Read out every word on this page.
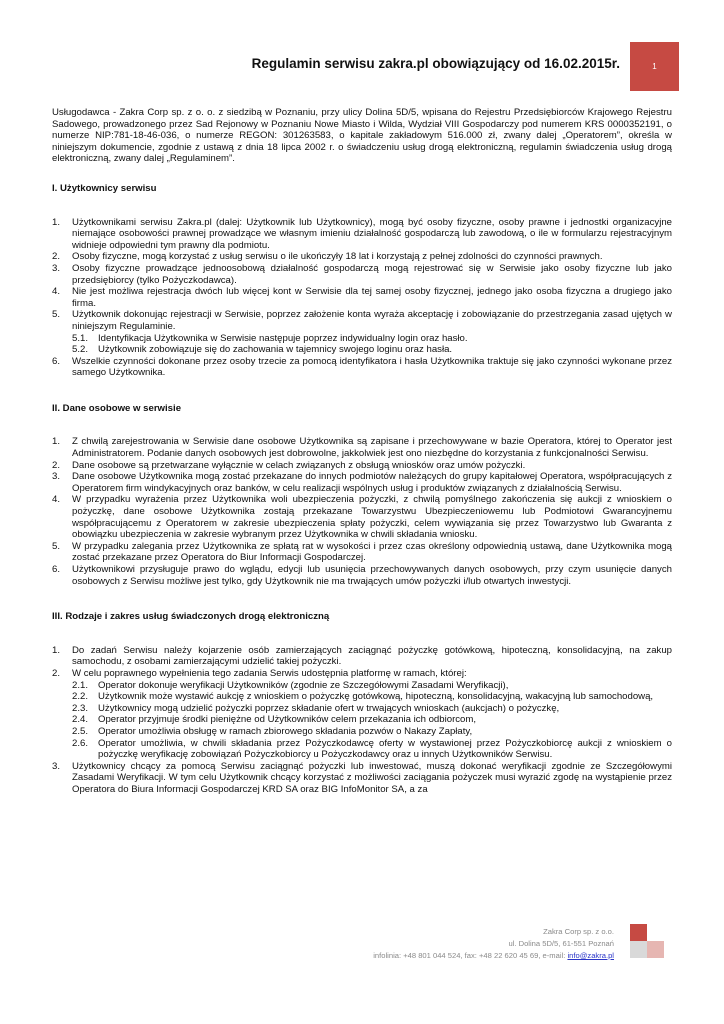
Regulamin serwisu zakra.pl obowiązujący od 16.02.2015r.	1

Usługodawca - Zakra Corp sp. z o. o. z siedzibą w Poznaniu, przy ulicy Dolina 5D/5, wpisana do Rejestru Przedsiębiorców Krajowego Rejestru Sadowego, prowadzonego przez Sad Rejonowy w Poznaniu Nowe Miasto i Wilda, Wydział VIII Gospodarczy pod numerem KRS 0000352191, o numerze NIP:781-18-46-036, o numerze REGON: 301263583, o kapitale zakładowym 516.000 zł, zwany dalej „Operatorem”, określa w niniejszym dokumencie, zgodnie z ustawą z dnia 18 lipca 2002 r. o świadczeniu usług drogą elektroniczną, regulamin świadczenia usług drogą elektroniczną, zwany dalej „Regulaminem”.

I. Użytkownicy serwisu
1. Użytkownikami serwisu Zakra.pl (dalej: Użytkownik lub Użytkownicy), mogą być osoby fizyczne, osoby prawne i jednostki organizacyjne niemające osobowości prawnej prowadzące we własnym imieniu działalność gospodarczą lub zawodową, o ile w formularzu rejestracyjnym widnieje odpowiedni tym prawny dla podmiotu.
2. Osoby fizyczne, mogą korzystać z usług serwisu o ile ukończyły 18 lat i korzystają z pełnej zdolności do czynności prawnych.
3. Osoby fizyczne prowadzące jednoosobową działalność gospodarczą mogą rejestrować się w Serwisie jako osoby fizyczne lub jako przedsiębiorcy (tylko Pożyczkodawca).
4. Nie jest możliwa rejestracja dwóch lub więcej kont w Serwisie dla tej samej osoby fizycznej, jednego jako osoba fizyczna a drugiego jako firma.
5. Użytkownik dokonując rejestracji w Serwisie, poprzez założenie konta wyraża akceptację i zobowiązanie do przestrzegania zasad ujętych w niniejszym Regulaminie.
5.1. Identyfikacja Użytkownika w Serwisie następuje poprzez indywidualny login oraz hasło.
5.2. Użytkownik zobowiązuje się do zachowania w tajemnicy swojego loginu oraz hasła.
6. Wszelkie czynności dokonane przez osoby trzecie za pomocą identyfikatora i hasła Użytkownika traktuje się jako czynności wykonane przez samego Użytkownika.
II. Dane osobowe w serwisie
1. Z chwilą zarejestrowania w Serwisie dane osobowe Użytkownika są zapisane i przechowywane w bazie Operatora, której to Operator jest Administratorem. Podanie danych osobowych jest dobrowolne, jakkolwiek jest ono niezbędne do korzystania z funkcjonalności Serwisu.
2. Dane osobowe są przetwarzane wyłącznie w celach związanych z obsługą wniosków oraz umów pożyczki.
3. Dane osobowe Użytkownika mogą zostać przekazane do innych podmiotów należących do grupy kapitałowej Operatora, współpracujących z Operatorem firm windykacyjnych oraz banków, w celu realizacji wspólnych usług i produktów związanych z działalnością Serwisu.
4. W przypadku wyrażenia przez Użytkownika woli ubezpieczenia pożyczki, z chwilą pomyślnego zakończenia się aukcji z wnioskiem o pożyczkę, dane osobowe Użytkownika zostają przekazane Towarzystwu Ubezpieczeniowemu lub Podmiotowi Gwarancyjnemu współpracującemu z Operatorem w zakresie ubezpieczenia spłaty pożyczki, celem wywiązania się przez Towarzystwo lub Gwaranta z obowiązku ubezpieczenia w zakresie wybranym przez Użytkownika w chwili składania wniosku.
5. W przypadku zalegania przez Użytkownika ze spłatą rat w wysokości i przez czas określony odpowiednią ustawą, dane Użytkownika mogą zostać przekazane przez Operatora do Biur Informacji Gospodarczej.
6. Użytkownikowi przysługuje prawo do wglądu, edycji lub usunięcia przechowywanych danych osobowych, przy czym usunięcie danych osobowych z Serwisu możliwe jest tylko, gdy Użytkownik nie ma trwających umów pożyczki i/lub otwartych inwestycji.
III. Rodzaje i zakres usług świadczonych drogą elektroniczną
1. Do zadań Serwisu należy kojarzenie osób zamierzających zaciągnąć pożyczkę gotówkową, hipoteczną, konsolidacyjną, na zakup samochodu, z osobami zamierzającymi udzielić takiej pożyczki.
2. W celu poprawnego wypełnienia tego zadania Serwis udostępnia platformę w ramach, której:
2.1. Operator dokonuje weryfikacji Użytkowników (zgodnie ze Szczegółowymi Zasadami Weryfikacji),
2.2. Użytkownik może wystawić aukcję z wnioskiem o pożyczkę gotówkową, hipoteczną, konsolidacyjną, wakacyjną lub samochodową,
2.3. Użytkownicy mogą udzielić pożyczki poprzez składanie ofert w trwających wnioskach (aukcjach) o pożyczkę,
2.4. Operator przyjmuje środki pieniężne od Użytkowników celem przekazania ich odbiorcom,
2.5. Operator umożliwia obsługę w ramach zbiorowego składania pozwów o Nakazy Zapłaty,
2.6. Operator umożliwia, w chwili składania przez Pożyczkodawcę oferty w wystawionej przez Pożyczkobiorcę aukcji z wnioskiem o pożyczkę weryfikację zobowiązań Pożyczkobiorcy u Pożyczkodawcy oraz u innych Użytkowników Serwisu.
3. Użytkownicy chcący za pomocą Serwisu zaciągnąć pożyczki lub inwestować, muszą dokonać weryfikacji zgodnie ze Szczegółowymi Zasadami Weryfikacji. W tym celu Użytkownik chcący korzystać z możliwości zaciągania pożyczek musi wyrazić zgodę na wystąpienie przez Operatora do Biura Informacji Gospodarczej KRD SA oraz BIG InfoMonitor SA, a za
Zakra Corp sp. z o.o.
ul. Dolina 5D/5, 61-551 Poznań
infolinia: +48 801 044 524, fax: +48 22 620 45 69, e-mail: info@zakra.pl
